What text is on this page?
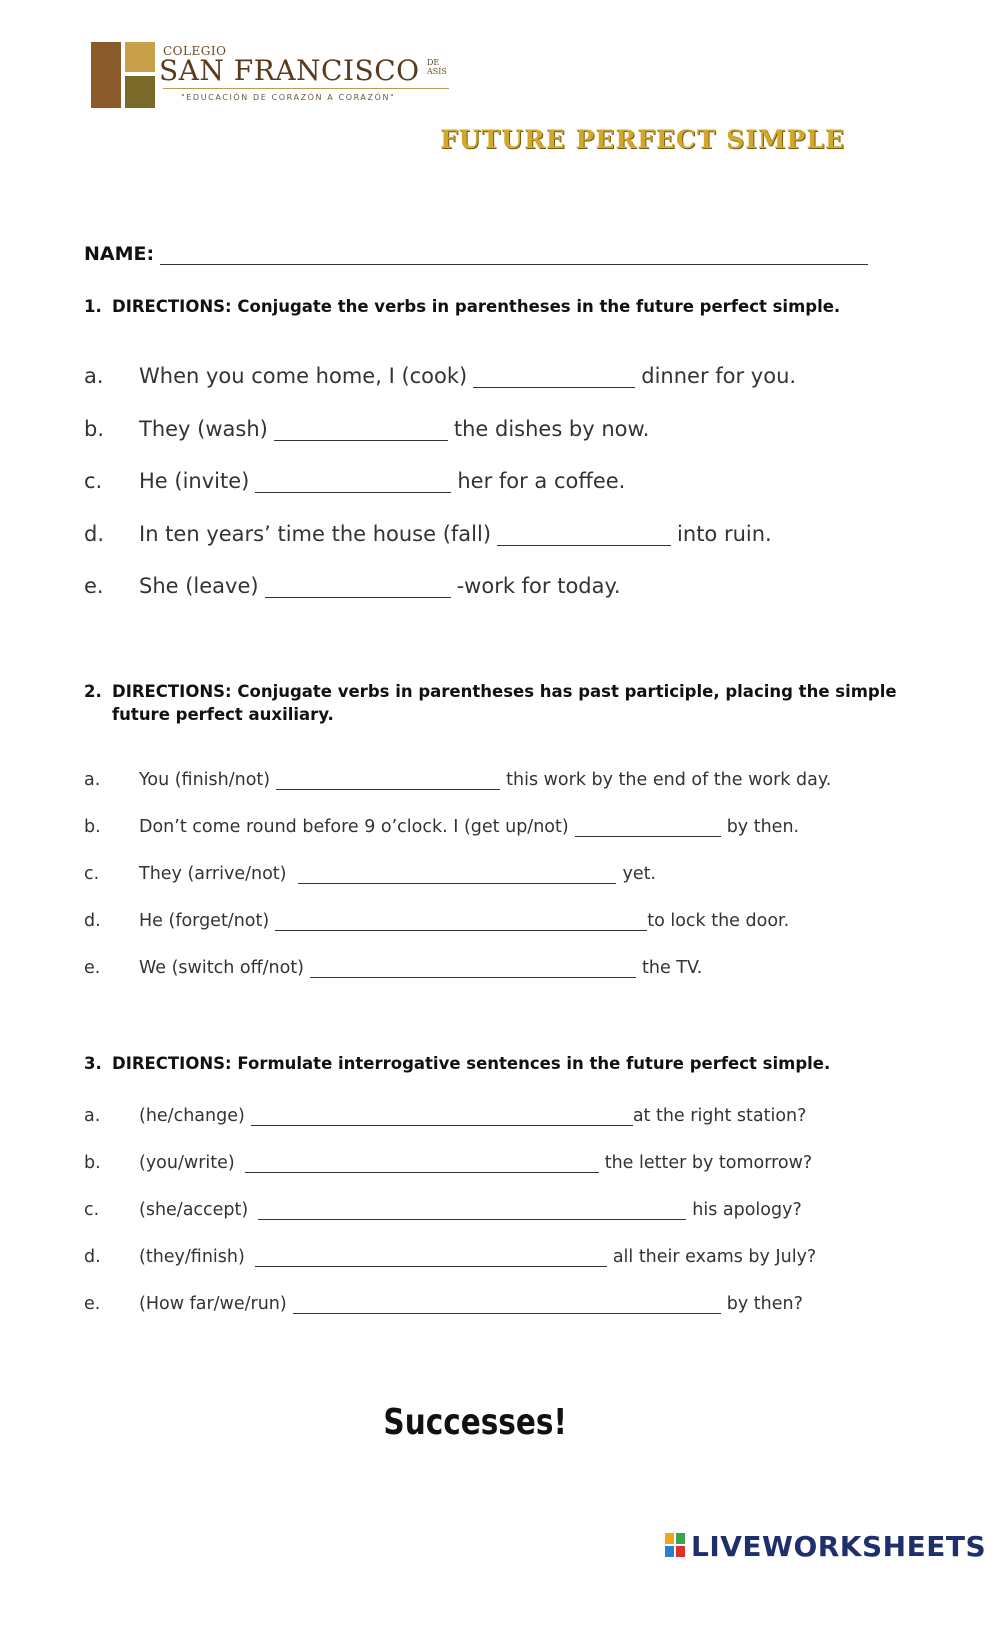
COLEGIO
SAN FRANCISCO DE
ASÍS
"EDUCACIÓN DE CORAZÓN A CORAZÓN"
FUTURE PERFECT SIMPLE
NAME:
1. DIRECTIONS: Conjugate the verbs in parentheses in the future perfect simple.
a. When you come home, I (cook)	dinner for you.
b. They (wash)	the dishes by now.
c. He (invite)	her for a coffee.
d. In ten years’ time the house (fall)	into ruin.
e. She (leave)	-work for today.
2. DIRECTIONS: Conjugate verbs in parentheses has past participle, placing the simple
future perfect auxiliary.
a. You (finish/not)	this work by the end of the work day.
b. Don’t come round before 9 o’clock. I (get up/not)	by then.
c. They (arrive/not)	yet.
d. He (forget/not)	to lock the door.
e. We (switch off/not)	the TV.
3. DIRECTIONS: Formulate interrogative sentences in the future perfect simple.
a. (he/change)	at the right station?
b. (you/write)	the letter by tomorrow?
c. (she/accept)	his apology?
d. (they/finish)	all their exams by July?
e. (How far/we/run)	by then?
Successes!
LIVEWORKSHEETS
